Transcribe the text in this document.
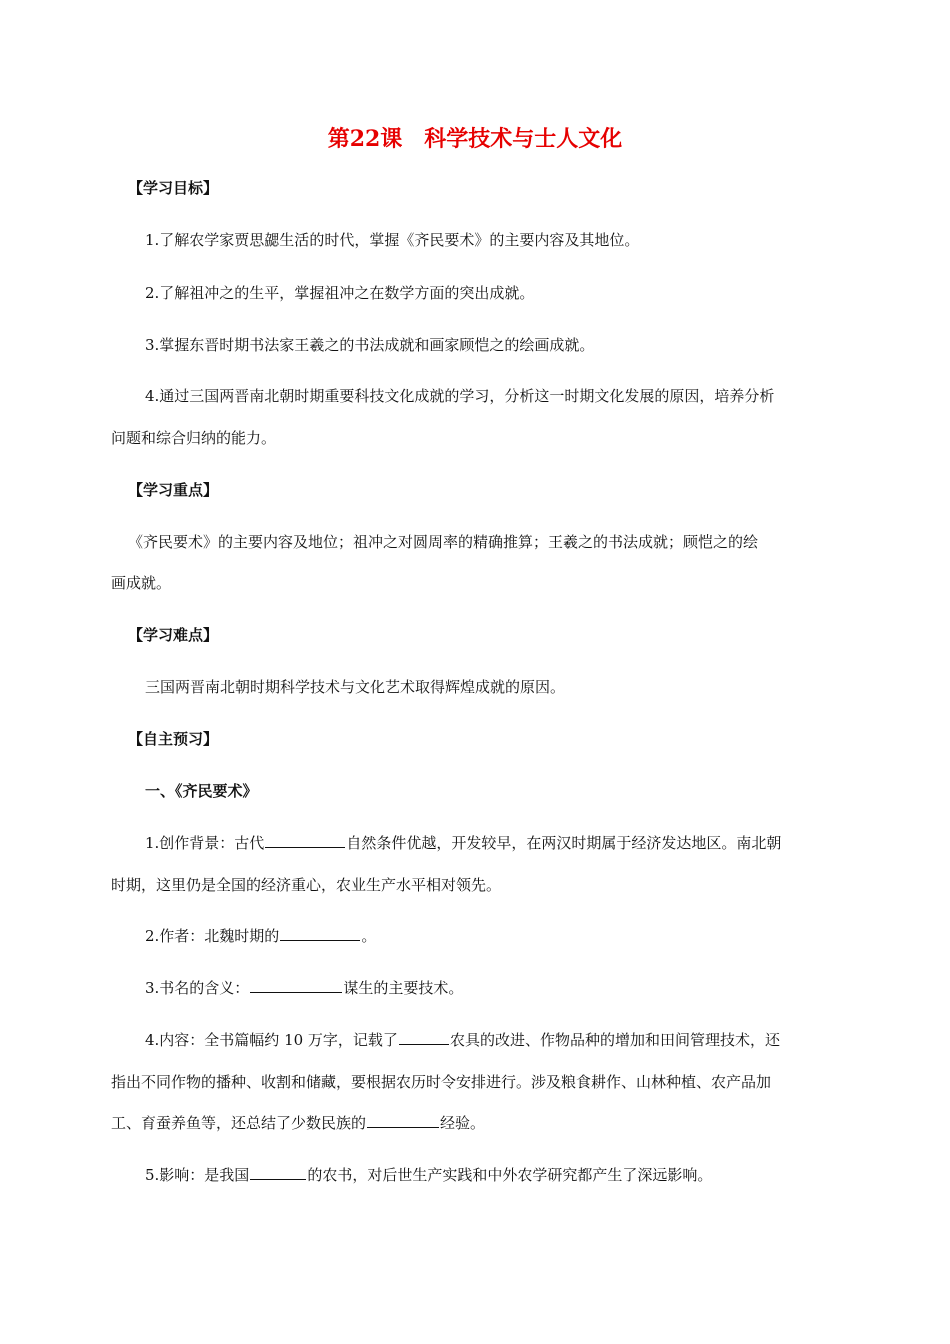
第22课　科学技术与士人文化
【学习目标】
1.了解农学家贾思勰生活的时代，掌握《齐民要术》的主要内容及其地位。
2.了解祖冲之的生平，掌握祖冲之在数学方面的突出成就。
3.掌握东晋时期书法家王羲之的书法成就和画家顾恺之的绘画成就。
4.通过三国两晋南北朝时期重要科技文化成就的学习，分析这一时期文化发展的原因，培养分析
问题和综合归纳的能力。
【学习重点】
《齐民要术》的主要内容及地位；祖冲之对圆周率的精确推算；王羲之的书法成就；顾恺之的绘
画成就。
【学习难点】
三国两晋南北朝时期科学技术与文化艺术取得辉煌成就的原因。
【自主预习】
一、《齐民要术》
1.创作背景：古代	自然条件优越，开发较早，在两汉时期属于经济发达地区。南北朝
时期，这里仍是全国的经济重心，农业生产水平相对领先。
2.作者：北魏时期的	。
3.书名的含义：	谋生的主要技术。
4.内容：全书篇幅约 10 万字，记载了	农具的改进、作物品种的增加和田间管理技术，还
指出不同作物的播种、收割和储藏，要根据农历时令安排进行。涉及粮食耕作、山林种植、农产品加
工、育蚕养鱼等，还总结了少数民族的	经验。
5.影响：是我国	的农书，对后世生产实践和中外农学研究都产生了深远影响。
